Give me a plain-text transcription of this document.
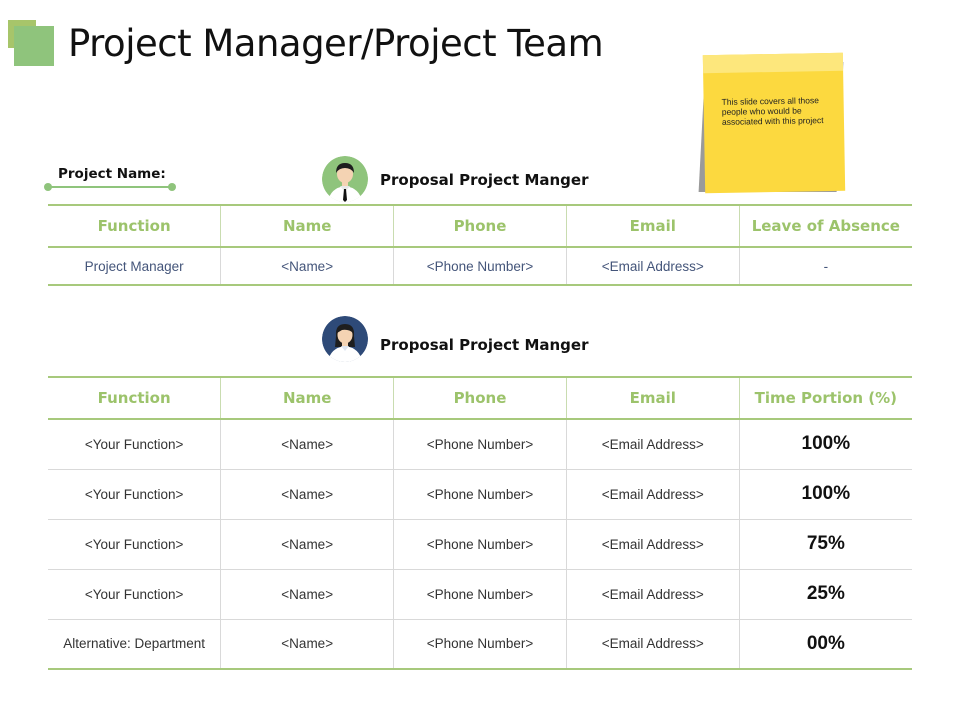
Project Manager/Project Team
This slide covers all those people who would be associated with this project
Project Name:	Proposal Project Manger
Function	Name	Phone	Email	Leave of Absence
Project Manager	<Name>	<Phone Number>	<Email Address>	-
Proposal Project Manger
Function	Name	Phone	Email	Time Portion (%)
<Your Function>	<Name>	<Phone Number>	<Email Address>	100%
<Your Function>	<Name>	<Phone Number>	<Email Address>	100%
<Your Function>	<Name>	<Phone Number>	<Email Address>	75%
<Your Function>	<Name>	<Phone Number>	<Email Address>	25%
Alternative: Department	<Name>	<Phone Number>	<Email Address>	00%
